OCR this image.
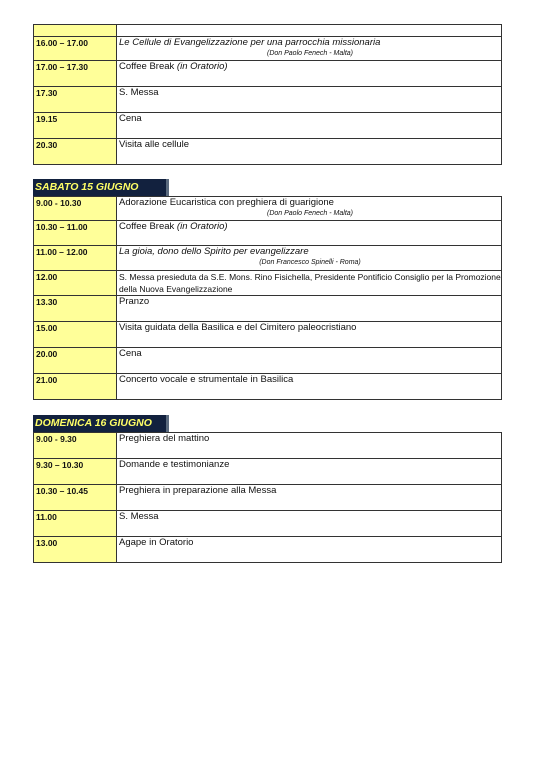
16.00 – 17.00	Le Cellule di Evangelizzazione per una parrocchia missionaria
(Don Paolo Fenech - Malta)

17.00 – 17.30	Coffee Break (in Oratorio)
17.30	S. Messa
19.15	Cena
20.30	Visita alle cellule
SABATO 15 GIUGNO
9.00 - 10.30	Adorazione Eucaristica con preghiera di guarigione
(Don Paolo Fenech - Malta)

10.30 – 11.00	Coffee Break (in Oratorio)
11.00 – 12.00	La gioia, dono dello Spirito per evangelizzare
(Don Francesco Spinelli - Roma)

12.00	S. Messa presieduta da S.E. Mons. Rino Fisichella, Presidente Pontificio Consiglio per la Promozione della Nuova Evangelizzazione
13.30	Pranzo
15.00	Visita guidata della Basilica e del Cimitero paleocristiano
20.00	Cena
21.00	Concerto vocale e strumentale in Basilica
DOMENICA 16 GIUGNO
9.00 - 9.30	Preghiera del mattino
9.30 – 10.30	Domande e testimonianze
10.30 – 10.45	Preghiera in preparazione alla Messa
11.00	S. Messa
13.00	Agape in Oratorio
